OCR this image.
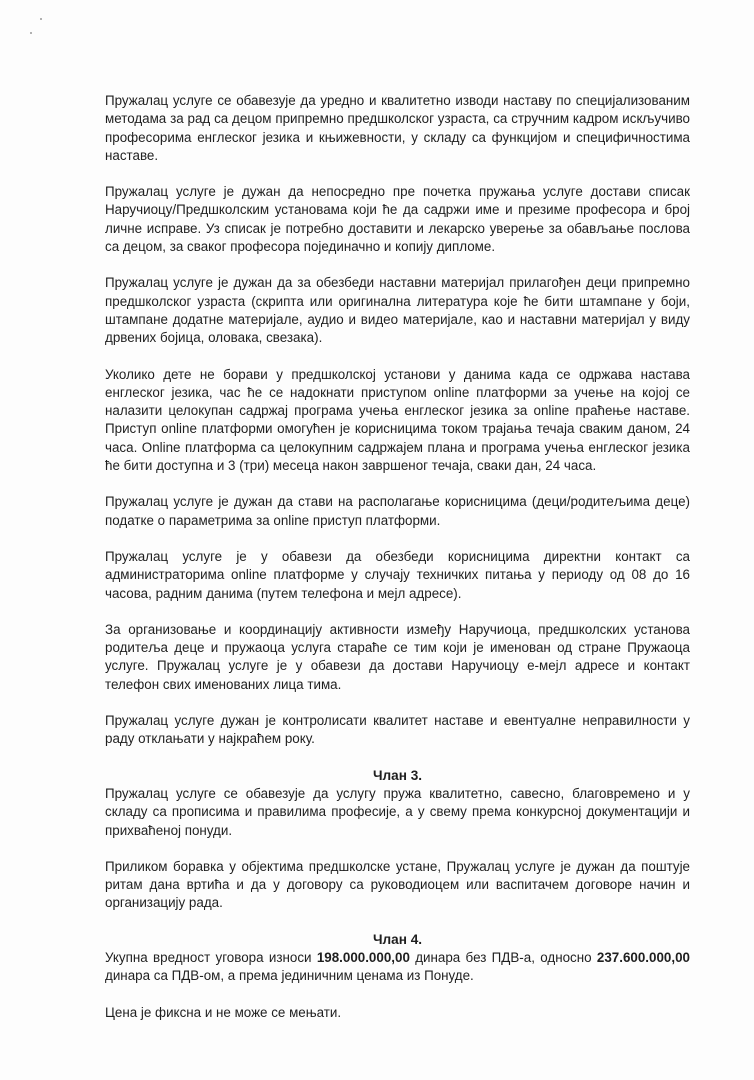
Пружалац услуге се обавезује да уредно и квалитетно изводи наставу по специјализованим методама за рад са децом припремно предшколског узраста, са стручним кадром искључиво професорима енглеског језика и књижевности, у складу са функцијом и специфичностима наставе.

Пружалац услуге је дужан да непосредно пре почетка пружања услуге достави списак Наручиоцу/Предшколским установама који ће да садржи име и презиме професора и број личне исправе. Уз списак је потребно доставити и лекарско уверење за обављање послова са децом, за сваког професора појединачно и копију дипломе.

Пружалац услуге је дужан да за обезбеди наставни материјал прилагођен деци припремно предшколског узраста (скрипта или оригинална литература које ће бити штампане у боји, штампане додатне материјале, аудио и видео материјале, као и наставни материјал у виду дрвених бојица, оловака, свезака).

Уколико дете не борави у предшколској установи у данима када се одржава настава енглеског језика, час ће се надокнати приступом online платформи за учење на којој се налазити целокупан садржај програма учења енглеског језика за online праћење наставе. Приступ online платформи омогућен је корисницима током трајања течаја сваким даном, 24 часа. Online платформа са целокупним садржајем плана и програма учења енглеског језика ће бити доступна и 3 (три) месеца након завршеног течаја, сваки дан, 24 часа.

Пружалац услуге је дужан да стави на располагање корисницима (деци/родитељима деце) податке о параметрима за online приступ платформи.

Пружалац услуге је у обавези да обезбеди корисницима директни контакт са администраторима online платформе у случају техничких питања у периоду од 08 до 16 часова, радним данима (путем телефона и мејл адресе).

За организовање и координацију активности између Наручиоца, предшколских установа родитеља деце и пружаоца услуга стараће се тим који је именован од стране Пружаоца услуге. Пружалац услуге је у обавези да достави Наручиоцу е-мејл адресе и контакт телефон свих именованих лица тима.

Пружалац услуге дужан је контролисати квалитет наставе и евентуалне неправилности у раду отклањати у најкраћем року.

Члан 3.

Пружалац услуге се обавезује да услугу пружа квалитетно, савесно, благовремено и у складу са прописима и правилима професије, а у свему према конкурсној документацији и прихваћеној понуди.

Приликом боравка у објектима предшколске устане, Пружалац услуге је дужан да поштује ритам дана вртића и да у договору са руководиоцем или васпитачем договоре начин и организацију рада.

Члан 4.

Укупна вредност уговора износи 198.000.000,00 динара без ПДВ-а, односно 237.600.000,00 динара са ПДВ-ом, а према јединичним ценама из Понуде.

Цена је фиксна и не може се мењати.
